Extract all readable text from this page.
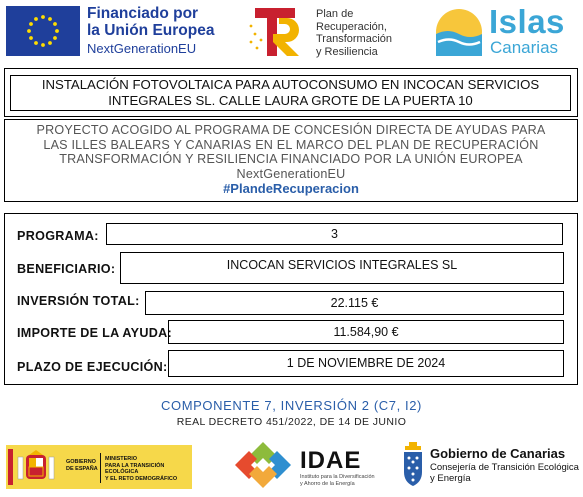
Financiado por
la Unión Europea
NextGenerationEU
Plan de
Recuperación,
Transformación
y Resiliencia
Islas
Canarias
INSTALACIÓN FOTOVOLTAICA PARA AUTOCONSUMO EN INCOCAN SERVICIOS
INTEGRALES SL. CALLE LAURA GROTE DE LA PUERTA 10
PROYECTO ACOGIDO AL PROGRAMA DE CONCESIÓN DIRECTA DE AYUDAS PARA
LAS ILLES BALEARS Y CANARIAS EN EL MARCO DEL PLAN DE RECUPERACIÓN
TRANSFORMACIÓN Y RESILIENCIA FINANCIADO POR LA UNIÓN EUROPEA
NextGenerationEU
#PlandeRecuperacion
PROGRAMA:	3
BENEFICIARIO:	INCOCAN SERVICIOS INTEGRALES SL
INVERSIÓN TOTAL:	22.115 €
IMPORTE DE LA AYUDA:	11.584,90 €
PLAZO DE EJECUCIÓN:	1 DE NOVIEMBRE DE 2024
COMPONENTE 7, INVERSIÓN 2 (C7, I2)
REAL DECRETO 451/2022, DE 14 DE JUNIO
GOBIERNO
DE ESPAÑA
MINISTERIO
PARA LA TRANSICIÓN ECOLÓGICA
Y EL RETO DEMOGRÁFICO
IDAE
Instituto para la Diversificación
y Ahorro de la Energía
Gobierno de Canarias
Consejería de Transición Ecológica
y Energía
